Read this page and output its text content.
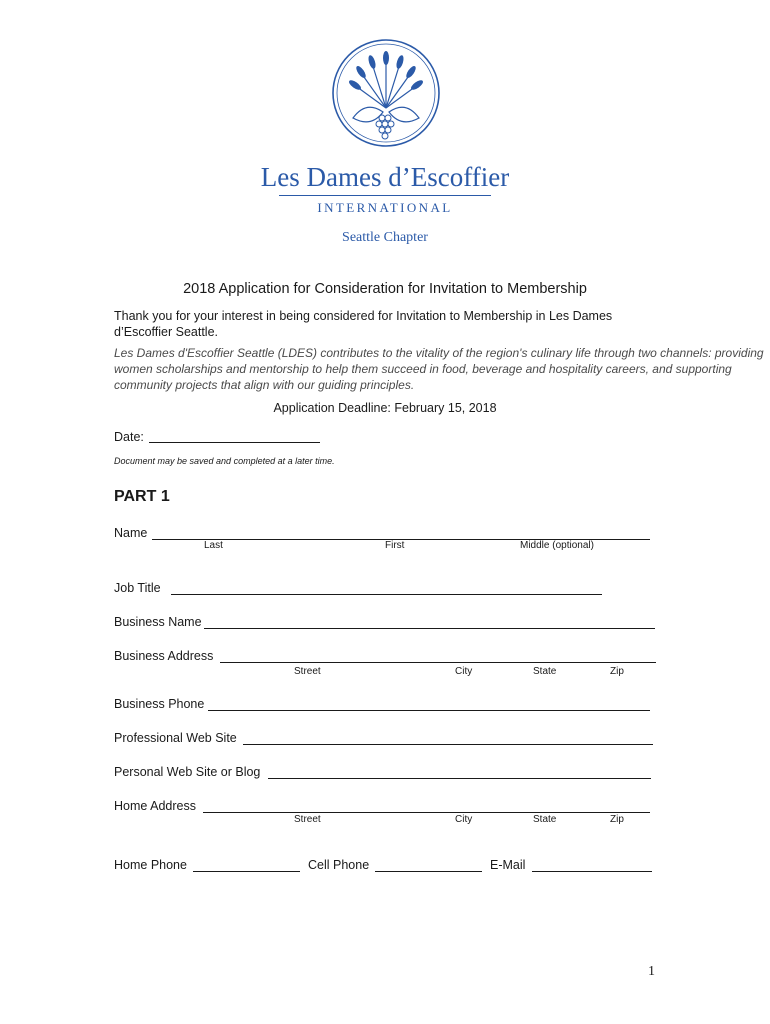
Les Dames d’Escoffier
INTERNATIONAL
Seattle Chapter
2018 Application for Consideration for Invitation to Membership
Thank you for your interest in being considered for Invitation to Membership in Les Dames
d’Escoffier Seattle.
Les Dames d'Escoffier Seattle (LDES) contributes to the vitality of the region's culinary life through two channels: providing
women scholarships and mentorship to help them succeed in food, beverage and hospitality careers, and supporting
community projects that align with our guiding principles.
Application Deadline: February 15, 2018
Date:
Document may be saved and completed at a later time.
PART 1
Name
Last	First	Middle (optional)
Job Title
Business Name
Business Address
Street	City	State	Zip
Business Phone
Professional Web Site
Personal Web Site or Blog
Home Address
Street	City	State	Zip
Home Phone	Cell Phone	E-Mail
1
